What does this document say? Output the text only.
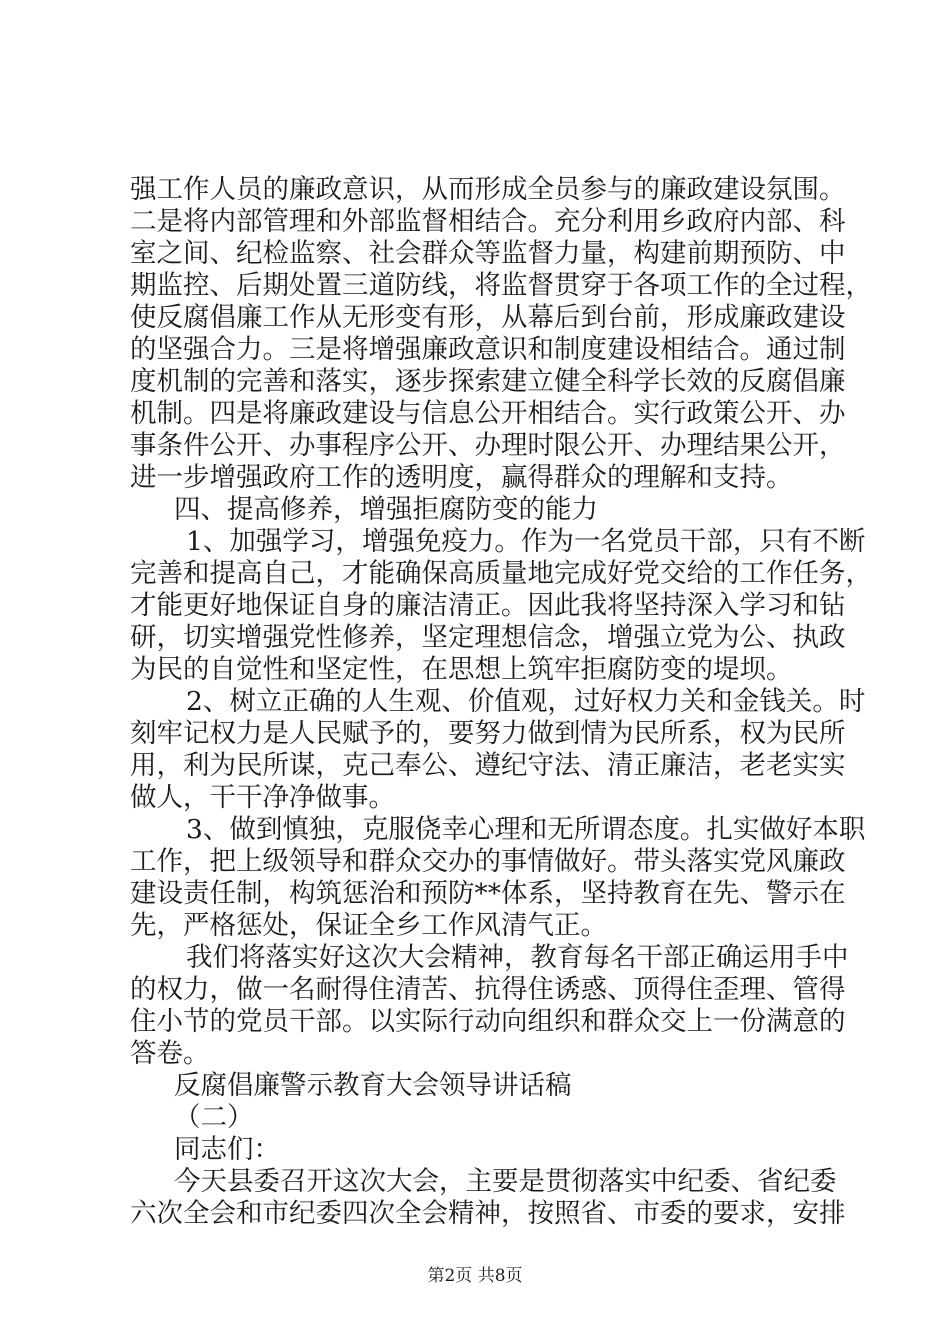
强工作人员的廉政意识，从而形成全员参与的廉政建设氛围。
二是将内部管理和外部监督相结合。充分利用乡政府内部、科
室之间、纪检监察、社会群众等监督力量，构建前期预防、中
期监控、后期处置三道防线，将监督贯穿于各项工作的全过程，
使反腐倡廉工作从无形变有形，从幕后到台前，形成廉政建设
的坚强合力。三是将增强廉政意识和制度建设相结合。通过制
度机制的完善和落实，逐步探索建立健全科学长效的反腐倡廉
机制。四是将廉政建设与信息公开相结合。实行政策公开、办
事条件公开、办事程序公开、办理时限公开、办理结果公开，
进一步增强政府工作的透明度，赢得群众的理解和支持。
四、提高修养，增强拒腐防变的能力
1、加强学习，增强免疫力。作为一名党员干部，只有不断
完善和提高自己，才能确保高质量地完成好党交给的工作任务，
才能更好地保证自身的廉洁清正。因此我将坚持深入学习和钻
研，切实增强党性修养，坚定理想信念，增强立党为公、执政
为民的自觉性和坚定性，在思想上筑牢拒腐防变的堤坝。
2、树立正确的人生观、价值观，过好权力关和金钱关。时
刻牢记权力是人民赋予的，要努力做到情为民所系，权为民所
用，利为民所谋，克己奉公、遵纪守法、清正廉洁，老老实实
做人，干干净净做事。
3、做到慎独，克服侥幸心理和无所谓态度。扎实做好本职
工作，把上级领导和群众交办的事情做好。带头落实党风廉政
建设责任制，构筑惩治和预防**体系，坚持教育在先、警示在
先，严格惩处，保证全乡工作风清气正。
我们将落实好这次大会精神，教育每名干部正确运用手中
的权力，做一名耐得住清苦、抗得住诱惑、顶得住歪理、管得
住小节的党员干部。以实际行动向组织和群众交上一份满意的
答卷。
反腐倡廉警示教育大会领导讲话稿
（二）
同志们：
今天县委召开这次大会，主要是贯彻落实中纪委、省纪委
六次全会和市纪委四次全会精神，按照省、市委的要求，安排
第2页 共8页
